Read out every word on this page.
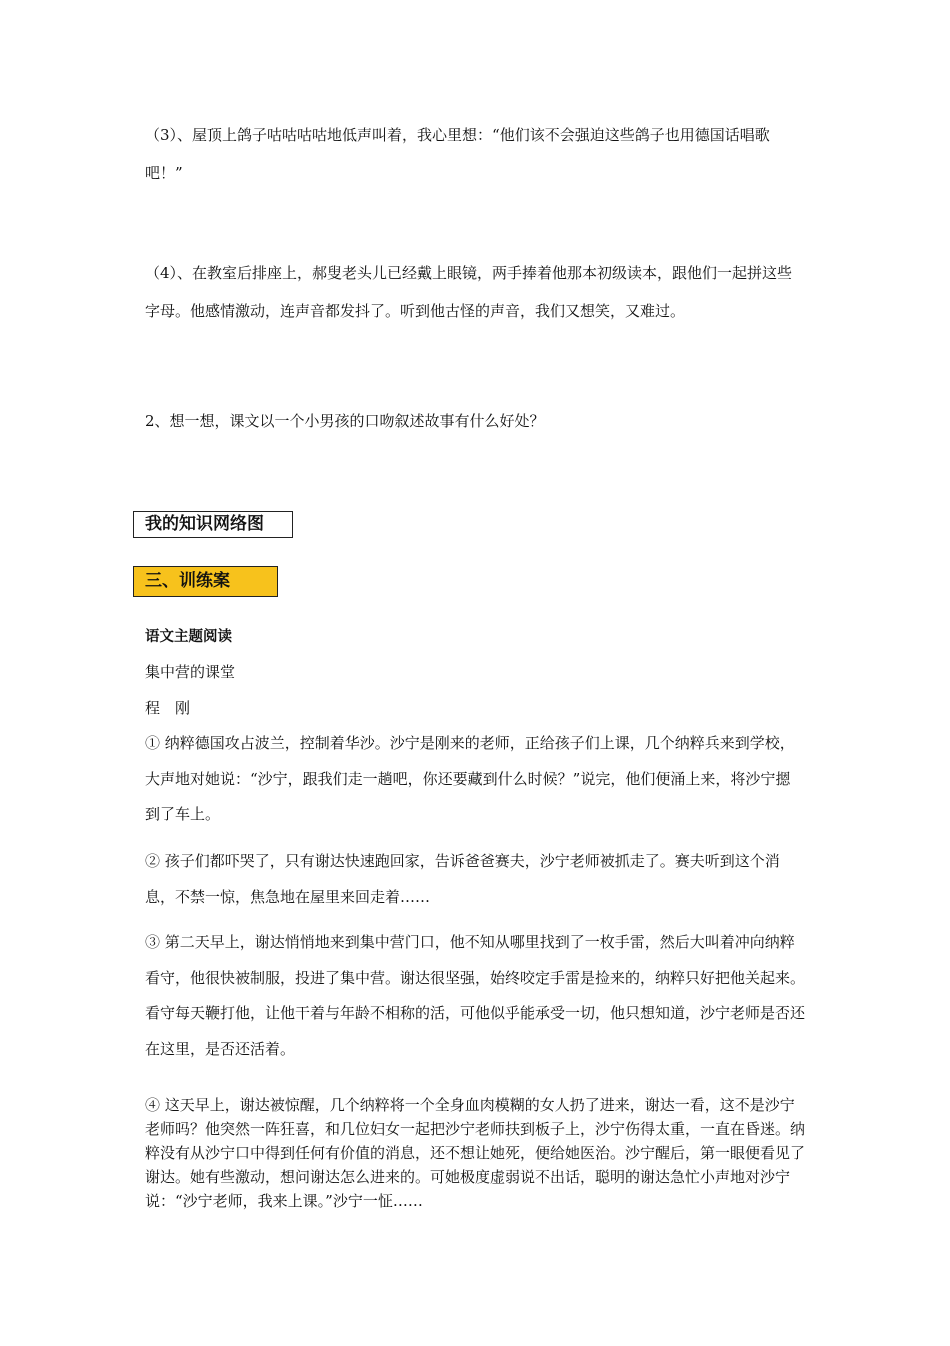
（3）、屋顶上鸽子咕咕咕咕地低声叫着，我心里想：“他们该不会强迫这些鸽子也用德国话唱歌吧！”

（4）、在教室后排座上，郝叟老头儿已经戴上眼镜，两手捧着他那本初级读本，跟他们一起拼这些字母。他感情激动，连声音都发抖了。听到他古怪的声音，我们又想笑，又难过。

2、想一想，课文以一个小男孩的口吻叙述故事有什么好处？

我的知识网络图
三、训练案

语文主题阅读

集中营的课堂

程　刚

① 纳粹德国攻占波兰，控制着华沙。沙宁是刚来的老师，正给孩子们上课，几个纳粹兵来到学校，大声地对她说：“沙宁，跟我们走一趟吧，你还要藏到什么时候？”说完，他们便涌上来，将沙宁摁到了车上。

② 孩子们都吓哭了，只有谢达快速跑回家，告诉爸爸赛夫，沙宁老师被抓走了。赛夫听到这个消息，不禁一惊，焦急地在屋里来回走着……

③ 第二天早上，谢达悄悄地来到集中营门口，他不知从哪里找到了一枚手雷，然后大叫着冲向纳粹看守，他很快被制服，投进了集中营。谢达很坚强，始终咬定手雷是捡来的，纳粹只好把他关起来。看守每天鞭打他，让他干着与年龄不相称的活，可他似乎能承受一切，他只想知道，沙宁老师是否还在这里，是否还活着。

④ 这天早上，谢达被惊醒，几个纳粹将一个全身血肉模糊的女人扔了进来，谢达一看，这不是沙宁老师吗？他突然一阵狂喜，和几位妇女一起把沙宁老师扶到板子上，沙宁伤得太重，一直在昏迷。纳粹没有从沙宁口中得到任何有价值的消息，还不想让她死，便给她医治。沙宁醒后，第一眼便看见了谢达。她有些激动，想问谢达怎么进来的。可她极度虚弱说不出话，聪明的谢达急忙小声地对沙宁说：“沙宁老师，我来上课。”沙宁一怔……
